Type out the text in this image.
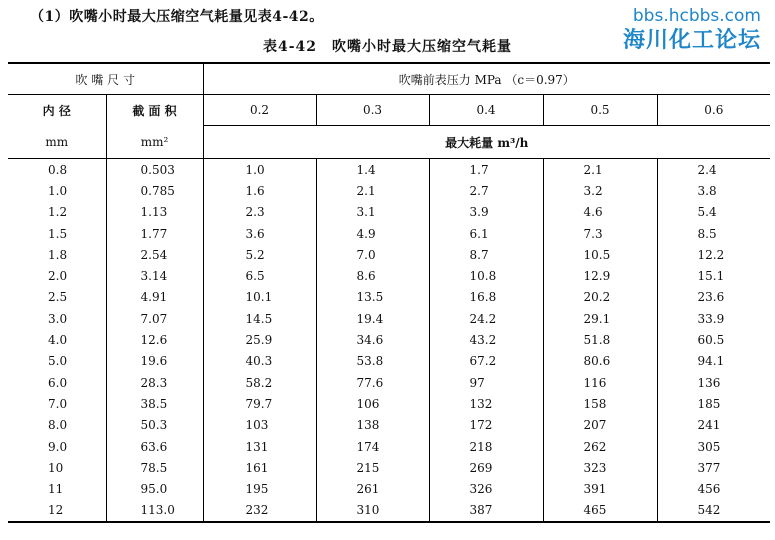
（1）吹嘴小时最大压缩空气耗量见表4-42。
表4-42　吹嘴小时最大压缩空气耗量
bbs.hcbbs.com
海川化工论坛
吹 嘴 尺 寸		吹嘴前表压力 MPa （c＝0.97）				
内 径	截 面 积	0.2	0.3	0.4	0.5	0.6
mm	mm²	最大耗量 m³/h				
0.8	0.503	1.0	1.4	1.7	2.1	2.4
1.0	0.785	1.6	2.1	2.7	3.2	3.8
1.2	1.13	2.3	3.1	3.9	4.6	5.4
1.5	1.77	3.6	4.9	6.1	7.3	8.5
1.8	2.54	5.2	7.0	8.7	10.5	12.2
2.0	3.14	6.5	8.6	10.8	12.9	15.1
2.5	4.91	10.1	13.5	16.8	20.2	23.6
3.0	7.07	14.5	19.4	24.2	29.1	33.9
4.0	12.6	25.9	34.6	43.2	51.8	60.5
5.0	19.6	40.3	53.8	67.2	80.6	94.1
6.0	28.3	58.2	77.6	97	116	136
7.0	38.5	79.7	106	132	158	185
8.0	50.3	103	138	172	207	241
9.0	63.6	131	174	218	262	305
10	78.5	161	215	269	323	377
11	95.0	195	261	326	391	456
12	113.0	232	310	387	465	542
